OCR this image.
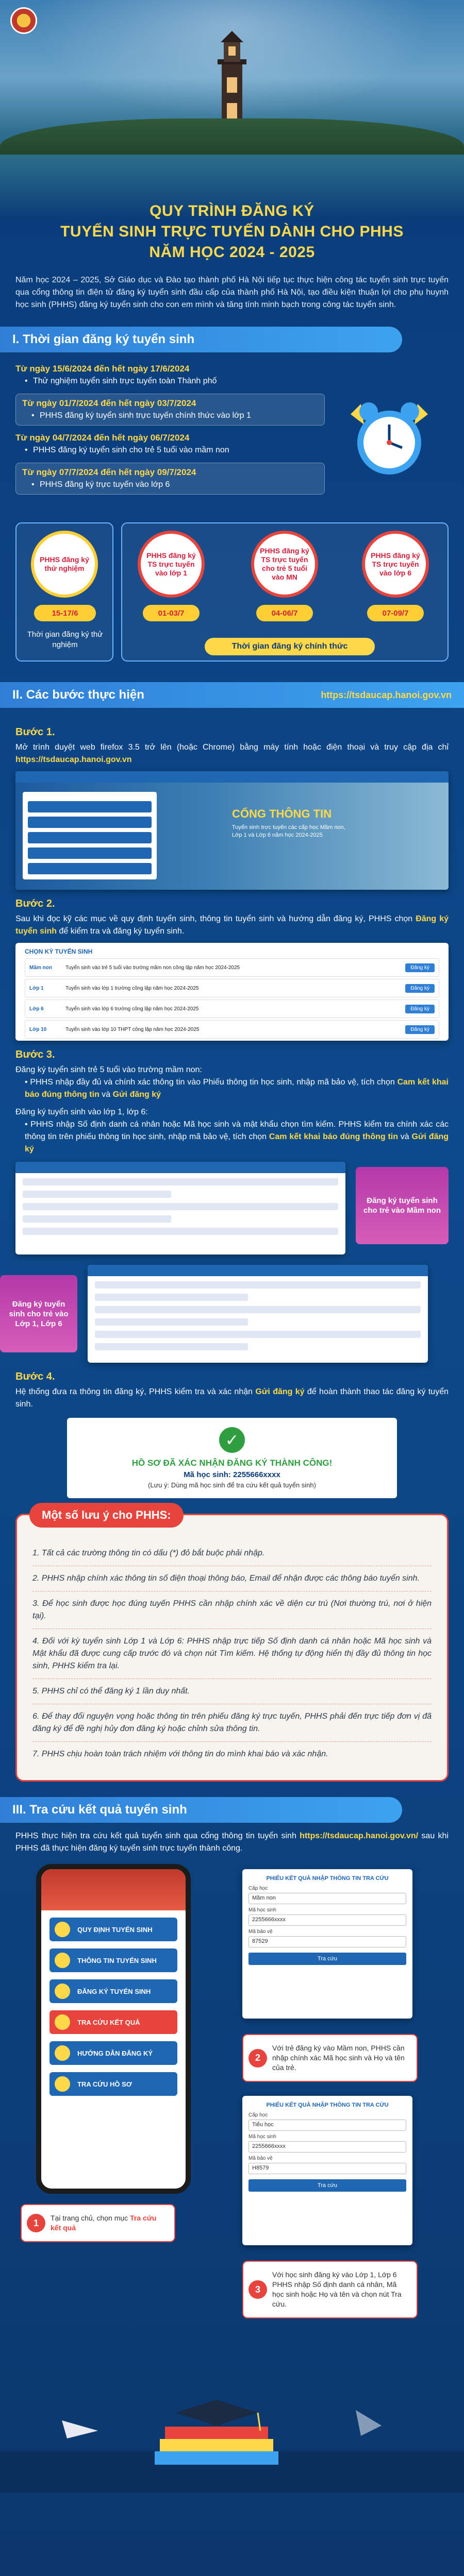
QUY TRÌNH ĐĂNG KÝ
TUYỂN SINH TRỰC TUYẾN DÀNH CHO PHHS
NĂM HỌC 2024 - 2025

Năm học 2024 – 2025, Sở Giáo dục và Đào tạo thành phố Hà Nội tiếp tục thực hiện công tác tuyển sinh trực tuyến qua cổng thông tin điện tử đăng ký tuyển sinh đầu cấp của thành phố Hà Nội, tạo điều kiện thuận lợi cho phụ huynh học sinh (PHHS) đăng ký tuyển sinh cho con em mình và tăng tính minh bạch trong công tác tuyển sinh.

I. Thời gian đăng ký tuyển sinh
Từ ngày 15/6/2024 đến hết ngày 17/6/2024
• Thử nghiệm tuyển sinh trực tuyến toàn Thành phố
Từ ngày 01/7/2024 đến hết ngày 03/7/2024
• PHHS đăng ký tuyển sinh trực tuyến chính thức vào lớp 1
Từ ngày 04/7/2024 đến hết ngày 06/7/2024
• PHHS đăng ký tuyển sinh cho trẻ 5 tuổi vào mầm non
Từ ngày 07/7/2024 đến hết ngày 09/7/2024
• PHHS đăng ký trực tuyến vào lớp 6
PHHS đăng ký thử nghiệm
15-17/6
Thời gian đăng ký thử nghiệm
PHHS đăng ký TS trực tuyến vào lớp 1
01-03/7
PHHS đăng ký TS trực tuyến cho trẻ 5 tuổi vào MN
04-06/7
PHHS đăng ký TS trực tuyến vào lớp 6
07-09/7
Thời gian đăng ký chính thức
II. Các bước thực hiện	https://tsdaucap.hanoi.gov.vn
Bước 1.
Mở trình duyệt web firefox 3.5 trở lên (hoặc Chrome) bằng máy tính hoặc điện thoại và truy cập địa chỉ https://tsdaucap.hanoi.gov.vn
CỔNG THÔNG TIN
Tuyển sinh trực tuyến các cấp học Mầm non, Lớp 1 và Lớp 6 năm học 2024-2025
Bước 2.
Sau khi đọc kỹ các mục về quy định tuyển sinh, thông tin tuyển sinh và hướng dẫn đăng ký, PHHS chọn Đăng ký tuyển sinh để kiểm tra và đăng ký tuyển sinh.
CHỌN KỲ TUYỂN SINH
Mầm non	Tuyển sinh vào trẻ 5 tuổi vào trường mầm non công lập năm học 2024-2025	Đăng ký
Lớp 1	Tuyển sinh vào lớp 1 trường công lập năm học 2024-2025	Đăng ký
Lớp 6	Tuyển sinh vào lớp 6 trường công lập năm học 2024-2025	Đăng ký
Lớp 10	Tuyển sinh vào lớp 10 THPT công lập năm học 2024-2025	Đăng ký
Bước 3.
Đăng ký tuyển sinh trẻ 5 tuổi vào trường mầm non:
• PHHS nhập đầy đủ và chính xác thông tin vào Phiếu thông tin học sinh, nhập mã bảo vệ, tích chọn Cam kết khai báo đúng thông tin và Gửi đăng ký
Đăng ký tuyển sinh vào lớp 1, lớp 6:
• PHHS nhập Số định danh cá nhân hoặc Mã học sinh và mật khẩu chọn tìm kiếm. PHHS kiểm tra chính xác các thông tin trên phiếu thông tin học sinh, nhập mã bảo vệ, tích chọn Cam kết khai báo đúng thông tin và Gửi đăng ký
Đăng ký tuyển sinh cho trẻ vào Mầm non
Đăng ký tuyển sinh cho trẻ vào Lớp 1, Lớp 6
Bước 4.
Hệ thống đưa ra thông tin đăng ký, PHHS kiểm tra và xác nhận Gửi đăng ký để hoàn thành thao tác đăng ký tuyển sinh.
✓
HỒ SƠ ĐÃ XÁC NHẬN ĐĂNG KÝ THÀNH CÔNG!
Mã học sinh: 2255666xxxx
(Lưu ý: Dùng mã học sinh để tra cứu kết quả tuyển sinh)
Một số lưu ý cho PHHS:
1. Tất cả các trường thông tin có dấu (*) đỏ bắt buộc phải nhập.
2. PHHS nhập chính xác thông tin số điện thoại thông báo, Email để nhận được các thông báo tuyển sinh.
3. Để học sinh được học đúng tuyến PHHS cần nhập chính xác về diện cư trú (Nơi thường trú, nơi ở hiện tại).
4. Đối với kỳ tuyển sinh Lớp 1 và Lớp 6: PHHS nhập trực tiếp Số định danh cá nhân hoặc Mã học sinh và Mật khẩu đã được cung cấp trước đó và chọn nút Tìm kiếm. Hệ thống tự động hiển thị đầy đủ thông tin học sinh, PHHS kiểm tra lại.
5. PHHS chỉ có thể đăng ký 1 lần duy nhất.
6. Để thay đổi nguyện vọng hoặc thông tin trên phiếu đăng ký trực tuyến, PHHS phải đến trực tiếp đơn vị đã đăng ký để đề nghị hủy đơn đăng ký hoặc chỉnh sửa thông tin.
7. PHHS chịu hoàn toàn trách nhiệm với thông tin do mình khai báo và xác nhận.
III. Tra cứu kết quả tuyển sinh
PHHS thực hiện tra cứu kết quả tuyển sinh qua cổng thông tin tuyển sinh https://tsdaucap.hanoi.gov.vn/ sau khi PHHS đã thực hiện đăng ký tuyển sinh trực tuyến thành công.
QUY ĐỊNH TUYỂN SINH
THÔNG TIN TUYỂN SINH
ĐĂNG KÝ TUYỂN SINH
TRA CỨU KẾT QUẢ
HƯỚNG DẪN ĐĂNG KÝ
TRA CỨU HỒ SƠ
1	Tại trang chủ, chọn mục Tra cứu kết quả
PHIẾU KẾT QUẢ NHẬP THÔNG TIN TRA CỨU
Cấp học
Mầm non
Mã học sinh
2255666xxxx
Mã bảo vệ
87529
Tra cứu
2
Với trẻ đăng ký vào Mầm non, PHHS cần nhập chính xác Mã học sinh và Họ và tên của trẻ.
PHIẾU KẾT QUẢ NHẬP THÔNG TIN TRA CỨU
Cấp học
Tiểu học
Mã học sinh
2255666xxxx
Mã bảo vệ
H8579
Tra cứu
3
Với học sinh đăng ký vào Lớp 1, Lớp 6 PHHS nhập Số định danh cá nhân, Mã học sinh hoặc Họ và tên và chọn nút Tra cứu.
